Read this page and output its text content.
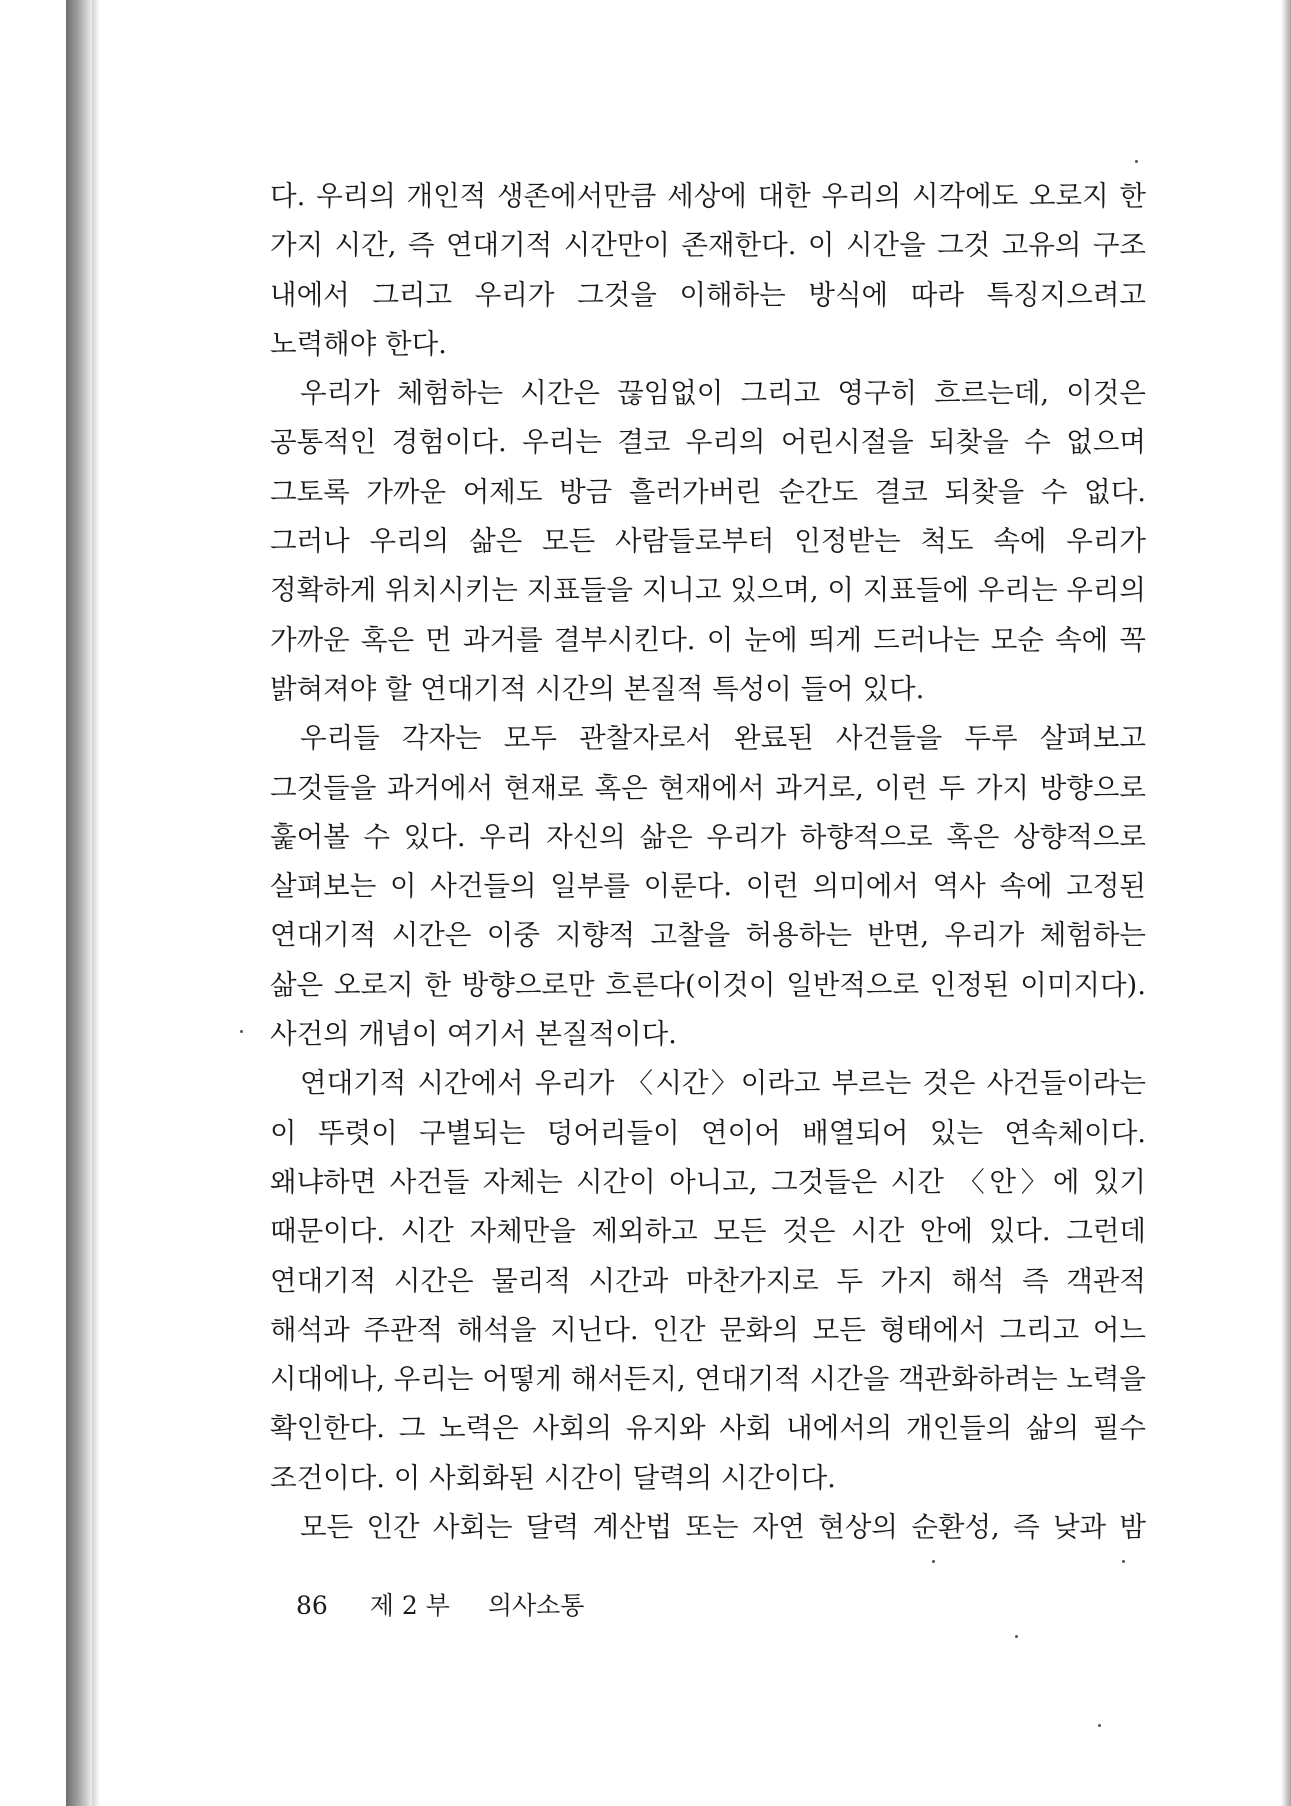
다. 우리의 개인적 생존에서만큼 세상에 대한 우리의 시각에도 오로지 한 가지 시간, 즉 연대기적 시간만이 존재한다. 이 시간을 그것 고유의 구조 내에서 그리고 우리가 그것을 이해하는 방식에 따라 특징지으려고 노력해야 한다.

우리가 체험하는 시간은 끊임없이 그리고 영구히 흐르는데, 이것은 공통적인 경험이다. 우리는 결코 우리의 어린시절을 되찾을 수 없으며 그토록 가까운 어제도 방금 흘러가버린 순간도 결코 되찾을 수 없다. 그러나 우리의 삶은 모든 사람들로부터 인정받는 척도 속에 우리가 정확하게 위치시키는 지표들을 지니고 있으며, 이 지표들에 우리는 우리의 가까운 혹은 먼 과거를 결부시킨다. 이 눈에 띄게 드러나는 모순 속에 꼭 밝혀져야 할 연대기적 시간의 본질적 특성이 들어 있다.

우리들 각자는 모두 관찰자로서 완료된 사건들을 두루 살펴보고 그것들을 과거에서 현재로 혹은 현재에서 과거로, 이런 두 가지 방향으로 훑어볼 수 있다. 우리 자신의 삶은 우리가 하향적으로 혹은 상향적으로 살펴보는 이 사건들의 일부를 이룬다. 이런 의미에서 역사 속에 고정된 연대기적 시간은 이중 지향적 고찰을 허용하는 반면, 우리가 체험하는 삶은 오로지 한 방향으로만 흐른다(이것이 일반적으로 인정된 이미지다). 사건의 개념이 여기서 본질적이다.

연대기적 시간에서 우리가 〈시간〉이라고 부르는 것은 사건들이라는 이 뚜렷이 구별되는 덩어리들이 연이어 배열되어 있는 연속체이다. 왜냐하면 사건들 자체는 시간이 아니고, 그것들은 시간 〈안〉에 있기 때문이다. 시간 자체만을 제외하고 모든 것은 시간 안에 있다. 그런데 연대기적 시간은 물리적 시간과 마찬가지로 두 가지 해석 즉 객관적 해석과 주관적 해석을 지닌다. 인간 문화의 모든 형태에서 그리고 어느 시대에나, 우리는 어떻게 해서든지, 연대기적 시간을 객관화하려는 노력을 확인한다. 그 노력은 사회의 유지와 사회 내에서의 개인들의 삶의 필수 조건이다. 이 사회화된 시간이 달력의 시간이다.

모든 인간 사회는 달력 계산법 또는 자연 현상의 순환성, 즉 낮과 밤

86 제 2 부 의사소통
